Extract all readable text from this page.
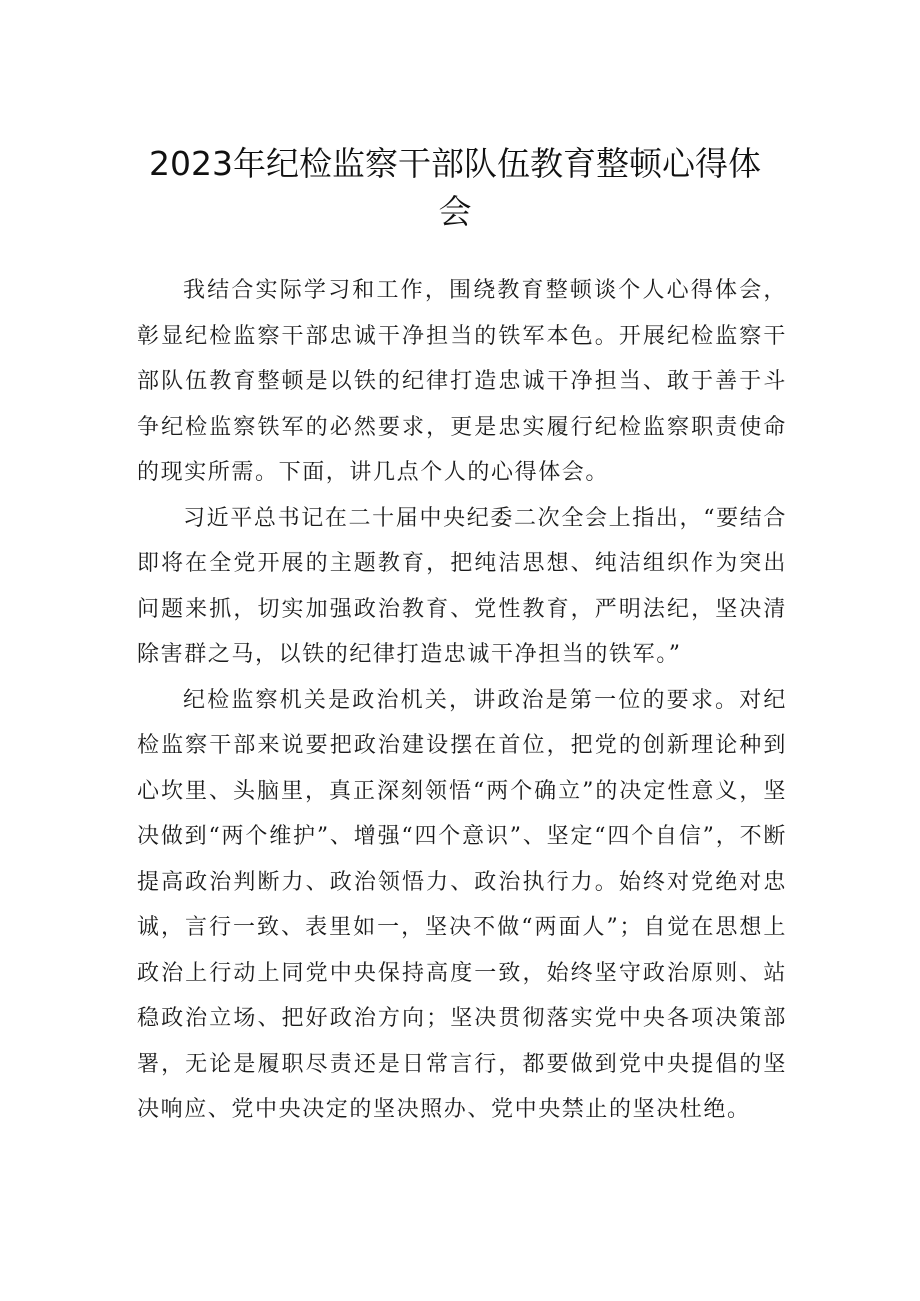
2023年纪检监察干部队伍教育整顿心得体
会

我结合实际学习和工作，围绕教育整顿谈个人心得体会，彰显纪检监察干部忠诚干净担当的铁军本色。开展纪检监察干部队伍教育整顿是以铁的纪律打造忠诚干净担当、敢于善于斗争纪检监察铁军的必然要求，更是忠实履行纪检监察职责使命的现实所需。下面，讲几点个人的心得体会。

习近平总书记在二十届中央纪委二次全会上指出，“要结合即将在全党开展的主题教育，把纯洁思想、纯洁组织作为突出问题来抓，切实加强政治教育、党性教育，严明法纪，坚决清除害群之马，以铁的纪律打造忠诚干净担当的铁军。”

纪检监察机关是政治机关，讲政治是第一位的要求。对纪检监察干部来说要把政治建设摆在首位，把党的创新理论种到心坎里、头脑里，真正深刻领悟“两个确立”的决定性意义，坚决做到“两个维护”、增强“四个意识”、坚定“四个自信”，不断提高政治判断力、政治领悟力、政治执行力。始终对党绝对忠诚，言行一致、表里如一，坚决不做“两面人”；自觉在思想上政治上行动上同党中央保持高度一致，始终坚守政治原则、站稳政治立场、把好政治方向；坚决贯彻落实党中央各项决策部署，无论是履职尽责还是日常言行，都要做到党中央提倡的坚决响应、党中央决定的坚决照办、党中央禁止的坚决杜绝。
